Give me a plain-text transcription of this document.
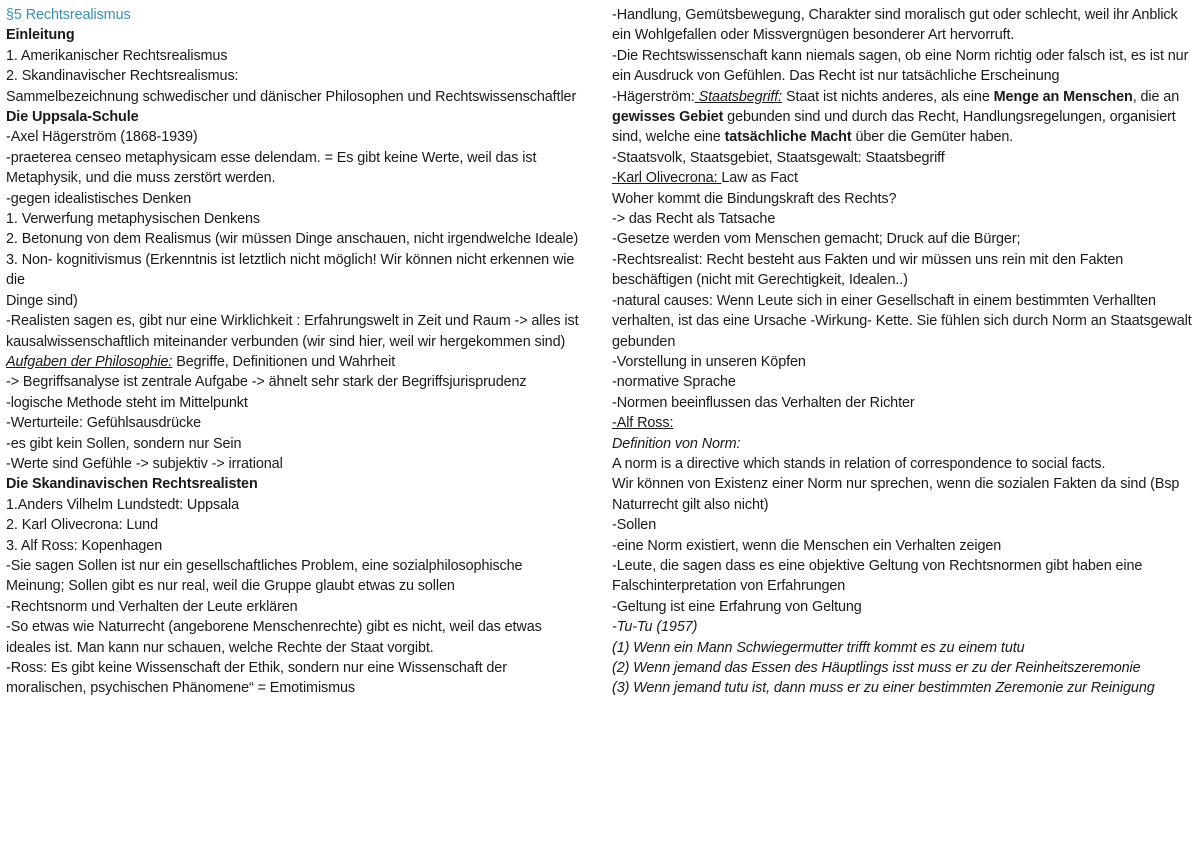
§5 Rechtsrealismus

Einleitung

1. Amerikanischer Rechtsrealismus

2. Skandinavischer Rechtsrealismus:

Sammelbezeichnung schwedischer und dänischer Philosophen und Rechtswissenschaftler

Die Uppsala-Schule

-Axel Hägerström (1868-1939)

-praeterea censeo metaphysicam esse delendam. = Es gibt keine Werte, weil das ist Metaphysik, und die muss zerstört werden.

-gegen idealistisches Denken

1. Verwerfung metaphysischen Denkens

2. Betonung von dem Realismus (wir müssen Dinge anschauen, nicht irgendwelche Ideale)

3. Non- kognitivismus (Erkenntnis ist letztlich nicht möglich! Wir können nicht erkennen wie die

Dinge sind)

-Realisten sagen es, gibt nur eine Wirklichkeit : Erfahrungswelt in Zeit und Raum -> alles ist kausalwissenschaftlich miteinander verbunden (wir sind hier, weil wir hergekommen sind)

Aufgaben der Philosophie: Begriffe, Definitionen und Wahrheit

-> Begriffsanalyse ist zentrale Aufgabe -> ähnelt sehr stark der Begriffsjurisprudenz

-logische Methode steht im Mittelpunkt

-Werturteile: Gefühlsausdrücke

-es gibt kein Sollen, sondern nur Sein

-Werte sind Gefühle -> subjektiv -> irrational

Die Skandinavischen Rechtsrealisten

1.Anders Vilhelm Lundstedt: Uppsala

2. Karl Olivecrona: Lund

3. Alf Ross: Kopenhagen

-Sie sagen Sollen ist nur ein gesellschaftliches Problem, eine sozialphilosophische Meinung; Sollen gibt es nur real, weil die Gruppe glaubt etwas zu sollen

-Rechtsnorm und Verhalten der Leute erklären

-So etwas wie Naturrecht (angeborene Menschenrechte) gibt es nicht, weil das etwas ideales ist. Man kann nur schauen, welche Rechte der Staat vorgibt.

-Ross: Es gibt keine Wissenschaft der Ethik, sondern nur eine Wissenschaft der moralischen, psychischen Phänomene“ = Emotimismus

-Handlung, Gemütsbewegung, Charakter sind moralisch gut oder schlecht, weil ihr Anblick ein Wohlgefallen oder Missvergnügen besonderer Art hervorruft.

-Die Rechtswissenschaft kann niemals sagen, ob eine Norm richtig oder falsch ist, es ist nur ein Ausdruck von Gefühlen. Das Recht ist nur tatsächliche Erscheinung

-Hägerström: Staatsbegriff: Staat ist nichts anderes, als eine Menge an Menschen, die an gewisses Gebiet gebunden sind und durch das Recht, Handlungsregelungen, organisiert sind, welche eine tatsächliche Macht über die Gemüter haben.

-Staatsvolk, Staatsgebiet, Staatsgewalt: Staatsbegriff

-Karl Olivecrona: Law as Fact

Woher kommt die Bindungskraft des Rechts?

-> das Recht als Tatsache

-Gesetze werden vom Menschen gemacht; Druck auf die Bürger;

-Rechtsrealist: Recht besteht aus Fakten und wir müssen uns rein mit den Fakten beschäftigen (nicht mit Gerechtigkeit, Idealen..)

-natural causes: Wenn Leute sich in einer Gesellschaft in einem bestimmten Verhallten verhalten, ist das eine Ursache -Wirkung- Kette. Sie fühlen sich durch Norm an Staatsgewalt gebunden

-Vorstellung in unseren Köpfen

-normative Sprache

-Normen beeinflussen das Verhalten der Richter

-Alf Ross:

Definition von Norm:

A norm is a directive which stands in relation of correspondence to social facts.

Wir können von Existenz einer Norm nur sprechen, wenn die sozialen Fakten da sind (Bsp Naturrecht gilt also nicht)

-Sollen

-eine Norm existiert, wenn die Menschen ein Verhalten zeigen

-Leute, die sagen dass es eine objektive Geltung von Rechtsnormen gibt haben eine Falschinterpretation von Erfahrungen

-Geltung ist eine Erfahrung von Geltung

-Tu-Tu (1957)

(1) Wenn ein Mann Schwiegermutter trifft kommt es zu einem tutu

(2) Wenn jemand das Essen des Häuptlings isst muss er zu der Reinheitszeremonie

(3) Wenn jemand tutu ist, dann muss er zu einer bestimmten Zeremonie zur Reinigung
